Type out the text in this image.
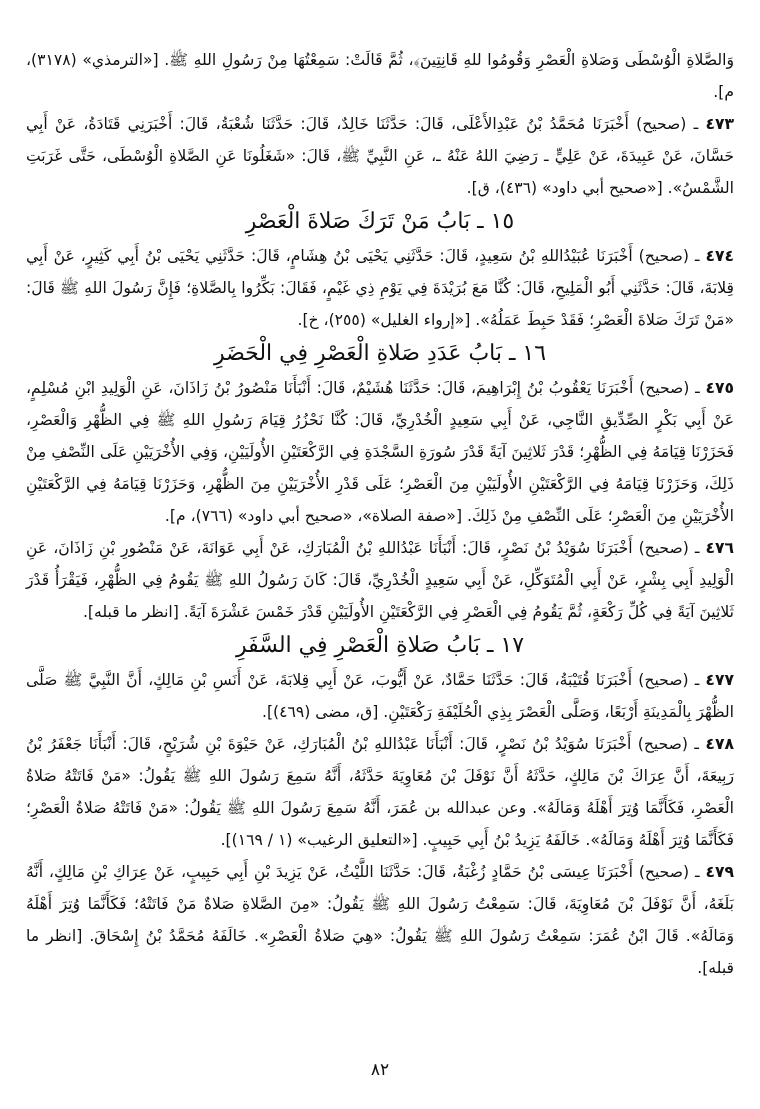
وَالصَّلاةِ الْوُسْطَى وَصَلاةِ الْعَصْرِ وَقُومُوا للهِ قَانِتِينَ﴾، ثُمَّ قَالَتْ: سَمِعْتُهَا مِنْ رَسُولِ اللهِ ﷺ. [«الترمذي» (٣١٧٨)، م].

٤٧٣ ـ (صحيح) أَخْبَرَنَا مُحَمَّدُ بْنُ عَبْدِالأَعْلَى، قَالَ: حَدَّثَنَا خَالِدٌ، قَالَ: حَدَّثَنَا شُعْبَةُ، قَالَ: أَخْبَرَنِي قَتَادَةُ، عَنْ أَبِي حَسَّانَ، عَنْ عَبِيدَةَ، عَنْ عَلِيٍّ ـ رَضِيَ اللهُ عَنْهُ ـ، عَنِ النَّبِيِّ ﷺ، قَالَ: «شَغَلُونَا عَنِ الصَّلاةِ الْوُسْطَى، حَتَّى غَرَبَتِ الشَّمْسُ». [«صحيح أبي داود» (٤٣٦)، ق].

١٥ ـ بَابُ مَنْ تَرَكَ صَلاةَ الْعَصْرِ

٤٧٤ ـ (صحيح) أَخْبَرَنَا عُبَيْدُاللهِ بْنُ سَعِيدٍ، قَالَ: حَدَّثَنِي يَحْيَى بْنُ هِشَامٍ، قَالَ: حَدَّثَنِي يَحْيَى بْنُ أَبِي كَثِيرٍ، عَنْ أَبِي قِلابَةَ، قَالَ: حَدَّثَنِي أَبُو الْمَلِيحِ، قَالَ: كُنَّا مَعَ بُرَيْدَةَ فِي يَوْمِ ذِي غَيْمٍ، فَقَالَ: بَكِّرُوا بِالصَّلاةِ؛ فَإِنَّ رَسُولَ اللهِ ﷺ قَالَ: «مَنْ تَرَكَ صَلاةَ الْعَصْرِ؛ فَقَدْ حَبِطَ عَمَلُهُ». [«إرواء الغليل» (٢٥٥)، خ].

١٦ ـ بَابُ عَدَدِ صَلاةِ الْعَصْرِ فِي الْحَضَرِ

٤٧٥ ـ (صحيح) أَخْبَرَنَا يَعْقُوبُ بْنُ إِبْرَاهِيمَ، قَالَ: حَدَّثَنَا هُشَيْمٌ، قَالَ: أَنْبَأَنَا مَنْصُورُ بْنُ زَاذَانَ، عَنِ الْوَلِيدِ ابْنِ مُسْلِمٍ، عَنْ أَبِي بَكْرٍ الصِّدِّيقِ النَّاجِي، عَنْ أَبِي سَعِيدٍ الْخُدْرِيِّ، قَالَ: كُنَّا نَحْزُرُ قِيَامَ رَسُولِ اللهِ ﷺ فِي الظُّهْرِ وَالْعَصْرِ، فَحَزَرْنَا قِيَامَهُ فِي الظُّهْرِ؛ قَدْرَ ثَلاثِينَ آيَةً قَدْرَ سُورَةِ السَّجْدَةِ فِي الرَّكْعَتَيْنِ الأُولَيَيْنِ، وَفِي الأُخْرَيَيْنِ عَلَى النِّصْفِ مِنْ ذَلِكَ، وَحَزَرْنَا قِيَامَهُ فِي الرَّكْعَتَيْنِ الأُولَيَيْنِ مِنَ الْعَصْرِ؛ عَلَى قَدْرِ الأُخْرَيَيْنِ مِنَ الظُّهْرِ، وَحَزَرْنَا قِيَامَهُ فِي الرَّكْعَتَيْنِ الأُخْرَيَيْنِ مِنَ الْعَصْرِ؛ عَلَى النِّصْفِ مِنْ ذَلِكَ. [«صفة الصلاة»، «صحيح أبي داود» (٧٦٦)، م].

٤٧٦ ـ (صحيح) أَخْبَرَنَا سُوَيْدُ بْنُ نَصْرٍ، قَالَ: أَنْبَأَنَا عَبْدُاللهِ بْنُ الْمُبَارَكِ، عَنْ أَبِي عَوَانَةَ، عَنْ مَنْصُورِ بْنِ زَاذَانَ، عَنِ الْوَلِيدِ أَبِي بِشْرٍ، عَنْ أَبِي الْمُتَوَكِّلِ، عَنْ أَبِي سَعِيدٍ الْخُدْرِيِّ، قَالَ: كَانَ رَسُولُ اللهِ ﷺ يَقُومُ فِي الظُّهْرِ، فَيَقْرَأُ قَدْرَ ثَلاثِينَ آيَةً فِي كُلِّ رَكْعَةٍ، ثُمَّ يَقُومُ فِي الْعَصْرِ فِي الرَّكْعَتَيْنِ الأُولَيَيْنِ قَدْرَ خَمْسَ عَشْرَةَ آيَةً. [انظر ما قبله].

١٧ ـ بَابُ صَلاةِ الْعَصْرِ فِي السَّفَرِ

٤٧٧ ـ (صحيح) أَخْبَرَنَا قُتَيْبَةُ، قَالَ: حَدَّثَنَا حَمَّادٌ، عَنْ أَيُّوبَ، عَنْ أَبِي قِلابَةَ، عَنْ أَنَسِ بْنِ مَالِكٍ، أَنَّ النَّبِيَّ ﷺ صَلَّى الظُّهْرَ بِالْمَدِينَةِ أَرْبَعًا، وَصَلَّى الْعَصْرَ بِذِي الْحُلَيْفَةِ رَكْعَتَيْنِ. [ق، مضى (٤٦٩)].

٤٧٨ ـ (صحيح) أَخْبَرَنَا سُوَيْدُ بْنُ نَصْرٍ، قَالَ: أَنْبَأَنَا عَبْدُاللهِ بْنُ الْمُبَارَكِ، عَنْ حَيْوَةَ بْنِ شُرَيْحٍ، قَالَ: أَنْبَأَنَا جَعْفَرُ بْنُ رَبِيعَةَ، أَنَّ عِرَاكَ بْنَ مَالِكٍ، حَدَّثَهُ أَنَّ نَوْفَلَ بْنَ مُعَاوِيَةَ حَدَّثَهُ، أَنَّهُ سَمِعَ رَسُولَ اللهِ ﷺ يَقُولُ: «مَنْ فَاتَتْهُ صَلاةُ الْعَصْرِ، فَكَأَنَّمَا وُتِرَ أَهْلَهُ وَمَالَهُ». وعن عبدالله بن عُمَرَ، أَنَّهُ سَمِعَ رَسُولَ اللهِ ﷺ يَقُولُ: «مَنْ فَاتَتْهُ صَلاةُ الْعَصْرِ؛ فَكَأَنَّمَا وُتِرَ أَهْلَهُ وَمَالَهُ». خَالَفَهُ يَزِيدُ بْنُ أَبِي حَبِيبٍ. [«التعليق الرغيب» (١ / ١٦٩)].

٤٧٩ ـ (صحيح) أَخْبَرَنَا عِيسَى بْنُ حَمَّادٍ زُغْبَةُ، قَالَ: حَدَّثَنَا اللَّيْثُ، عَنْ يَزِيدَ بْنِ أَبِي حَبِيبٍ، عَنْ عِرَاكِ بْنِ مَالِكٍ، أَنَّهُ بَلَغَهُ، أَنَّ نَوْفَلَ بْنَ مُعَاوِيَةَ، قَالَ: سَمِعْتُ رَسُولَ اللهِ ﷺ يَقُولُ: «مِنَ الصَّلاةِ صَلاةٌ مَنْ فَاتَتْهُ؛ فَكَأَنَّمَا وُتِرَ أَهْلَهُ وَمَالَهُ». قَالَ ابْنُ عُمَرَ: سَمِعْتُ رَسُولَ اللهِ ﷺ يَقُولُ: «هِيَ صَلاةُ الْعَصْرِ». خَالَفَهُ مُحَمَّدُ بْنُ إِسْحَاقَ. [انظر ما قبله].

٨٢
